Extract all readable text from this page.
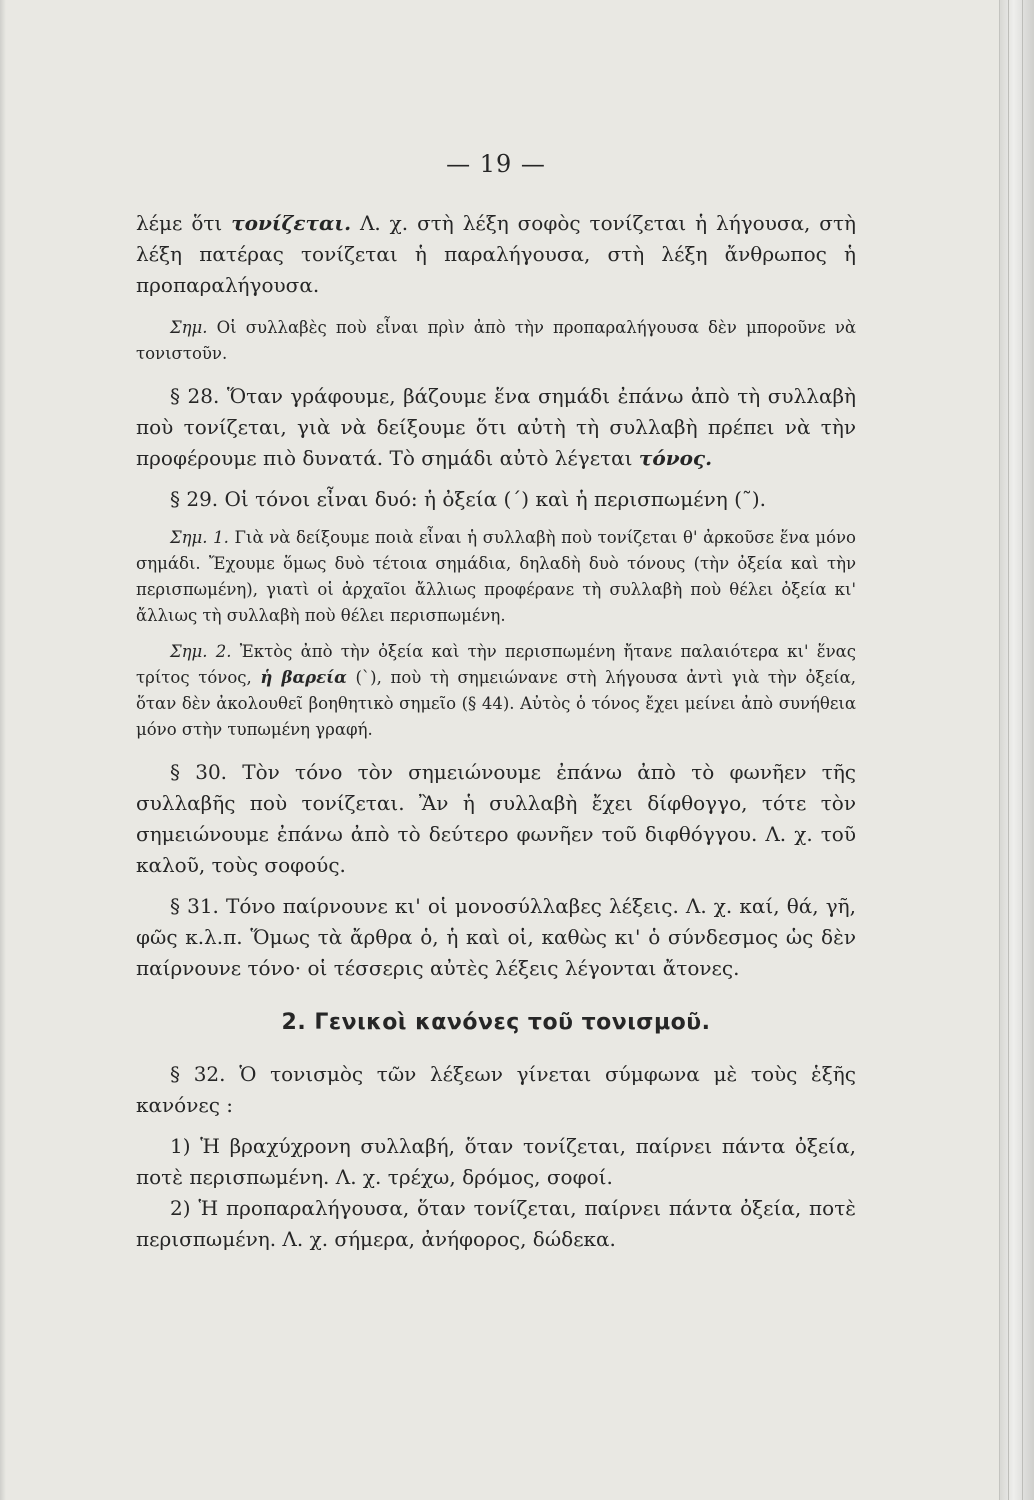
— 19 —

λέμε ὅτι τονίζεται. Λ. χ. στὴ λέξη σοφὸς τονίζεται ἡ λήγουσα, στὴ λέξη πατέρας τονίζεται ἡ παραλήγουσα, στὴ λέξη ἄνθρωπος ἡ προπαραλήγουσα.

Σημ. Οἱ συλλαβὲς ποὺ εἶναι πρὶν ἀπὸ τὴν προπαραλήγουσα δὲν μποροῦνε νὰ τονιστοῦν.

§ 28. Ὅταν γράφουμε, βάζουμε ἕνα σημάδι ἐπάνω ἀπὸ τὴ συλλαβὴ ποὺ τονίζεται, γιὰ νὰ δείξουμε ὅτι αὐτὴ τὴ συλλαβὴ πρέπει νὰ τὴν προφέρουμε πιὸ δυνατά. Τὸ σημάδι αὐτὸ λέγεται τόνος.

§ 29. Οἱ τόνοι εἶναι δυό: ἡ ὀξεία (΄) καὶ ἡ περισπωμένη (῀).

Σημ. 1. Γιὰ νὰ δείξουμε ποιὰ εἶναι ἡ συλλαβὴ ποὺ τονίζεται θ' ἀρκοῦσε ἕνα μόνο σημάδι. Ἔχουμε ὅμως δυὸ τέτοια σημάδια, δηλαδὴ δυὸ τόνους (τὴν ὀξεία καὶ τὴν περισπωμένη), γιατὶ οἱ ἀρχαῖοι ἄλλιως προφέρανε τὴ συλλαβὴ ποὺ θέλει ὀξεία κι' ἄλλιως τὴ συλλαβὴ ποὺ θέλει περισπωμένη.

Σημ. 2. Ἐκτὸς ἀπὸ τὴν ὀξεία καὶ τὴν περισπωμένη ἤτανε παλαιότερα κι' ἕνας τρίτος τόνος, ἡ βαρεία (`), ποὺ τὴ σημειώνανε στὴ λήγουσα ἀντὶ γιὰ τὴν ὀξεία, ὅταν δὲν ἀκολουθεῖ βοηθητικὸ σημεῖο (§ 44). Αὐτὸς ὁ τόνος ἔχει μείνει ἀπὸ συνήθεια μόνο στὴν τυπωμένη γραφή.

§ 30. Τὸν τόνο τὸν σημειώνουμε ἐπάνω ἀπὸ τὸ φωνῆεν τῆς συλλαβῆς ποὺ τονίζεται. Ἂν ἡ συλλαβὴ ἔχει δίφθογγο, τότε τὸν σημειώνουμε ἐπάνω ἀπὸ τὸ δεύτερο φωνῆεν τοῦ διφθόγγου. Λ. χ. τοῦ καλοῦ, τοὺς σοφούς.

§ 31. Τόνο παίρνουνε κι' οἱ μονοσύλλαβες λέξεις. Λ. χ. καί, θά, γῆ, φῶς κ.λ.π. Ὅμως τὰ ἄρθρα ὁ, ἡ καὶ οἱ, καθὼς κι' ὁ σύνδεσμος ὡς δὲν παίρνουνε τόνο· οἱ τέσσερις αὐτὲς λέξεις λέγονται ἄτονες.

2. Γενικοὶ κανόνες τοῦ τονισμοῦ.

§ 32. Ὁ τονισμὸς τῶν λέξεων γίνεται σύμφωνα μὲ τοὺς ἑξῆς κανόνες :

1) Ἡ βραχύχρονη συλλαβή, ὅταν τονίζεται, παίρνει πάντα ὀξεία, ποτὲ περισπωμένη. Λ. χ. τρέχω, δρόμος, σοφοί.

2) Ἡ προπαραλήγουσα, ὅταν τονίζεται, παίρνει πάντα ὀξεία, ποτὲ περισπωμένη. Λ. χ. σήμερα, ἀνήφορος, δώδεκα.
